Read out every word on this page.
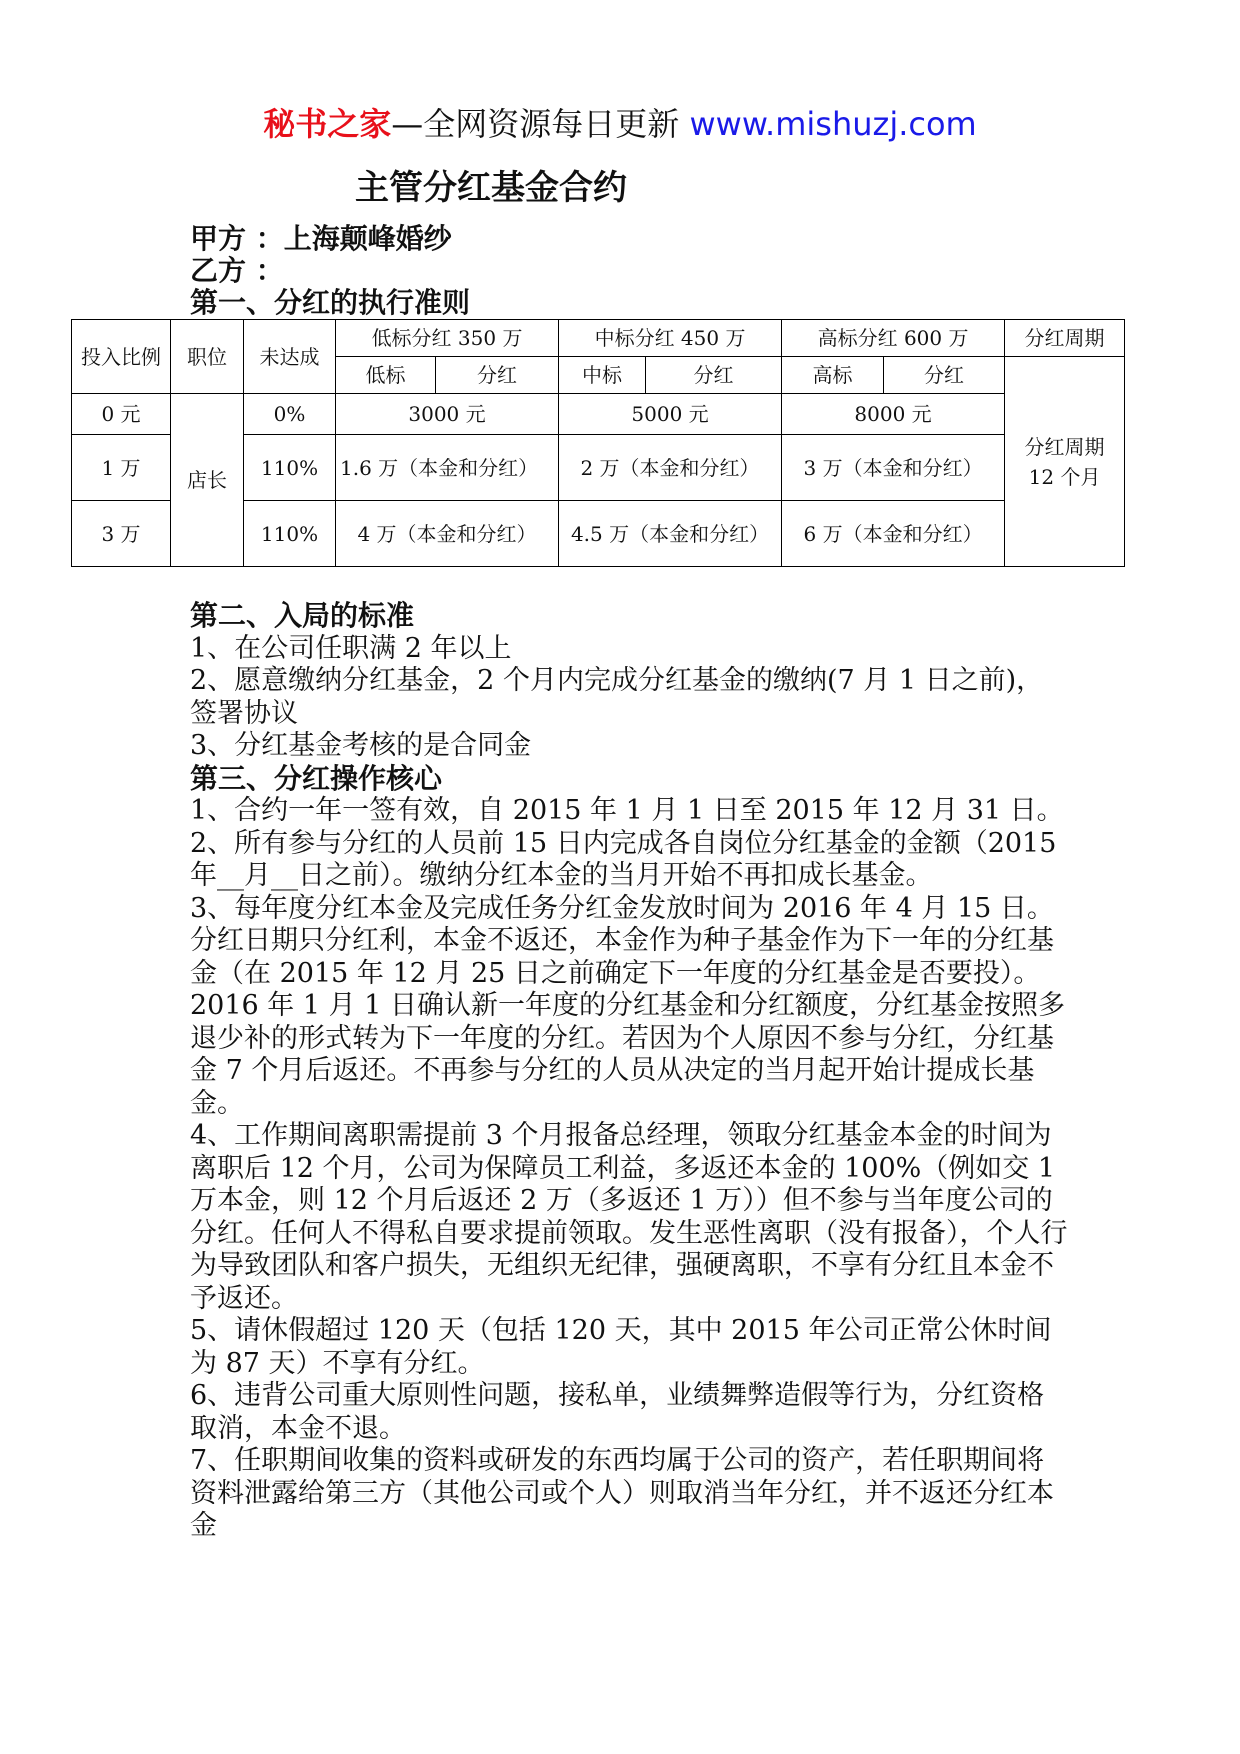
秘书之家—全网资源每日更新 www.mishuzj.com
主管分红基金合约
甲方 ：上海颠峰婚纱
乙方 ：
第一、分红的执行准则
投入比例	职位	未达成	低标分红 350 万		中标分红 450 万		高标分红 600 万		分红周期
			低标	分红	中标	分红	高标	分红	分红周期 12 个月
0 元	店长	0%	3000 元		5000 元		8000 元		
1 万		110%	1.6 万（本金和分红）		2 万（本金和分红）		3 万（本金和分红）		
3 万		110%	4 万（本金和分红）		4.5 万（本金和分红）		6 万（本金和分红）		

第二、入局的标准

1、在公司任职满 2 年以上

2、愿意缴纳分红基金，2 个月内完成分红基金的缴纳(7 月 1 日之前)，签署协议

3、分红基金考核的是合同金

第三、分红操作核心

1、合约一年一签有效，自 2015 年 1 月 1 日至 2015 年 12 月 31 日。

2、所有参与分红的人员前 15 日内完成各自岗位分红基金的金额（2015 年__月__日之前）。缴纳分红本金的当月开始不再扣成长基金。

3、每年度分红本金及完成任务分红金发放时间为 2016 年 4 月 15 日。分红日期只分红利，本金不返还，本金作为种子基金作为下一年的分红基金（在 2015 年 12 月 25 日之前确定下一年度的分红基金是否要投）。2016 年 1 月 1 日确认新一年度的分红基金和分红额度，分红基金按照多退少补的形式转为下一年度的分红。若因为个人原因不参与分红，分红基金 7 个月后返还。不再参与分红的人员从决定的当月起开始计提成长基金。

4、工作期间离职需提前 3 个月报备总经理，领取分红基金本金的时间为离职后 12 个月，公司为保障员工利益，多返还本金的 100%（例如交 1 万本金，则 12 个月后返还 2 万（多返还 1 万））但不参与当年度公司的分红。任何人不得私自要求提前领取。发生恶性离职（没有报备），个人行为导致团队和客户损失，无组织无纪律，强硬离职，不享有分红且本金不予返还。

5、请休假超过 120 天（包括 120 天，其中 2015 年公司正常公休时间为 87 天）不享有分红。

6、违背公司重大原则性问题，接私单，业绩舞弊造假等行为，分红资格取消，本金不退。

7、任职期间收集的资料或研发的东西均属于公司的资产，若任职期间将资料泄露给第三方（其他公司或个人）则取消当年分红，并不返还分红本金
